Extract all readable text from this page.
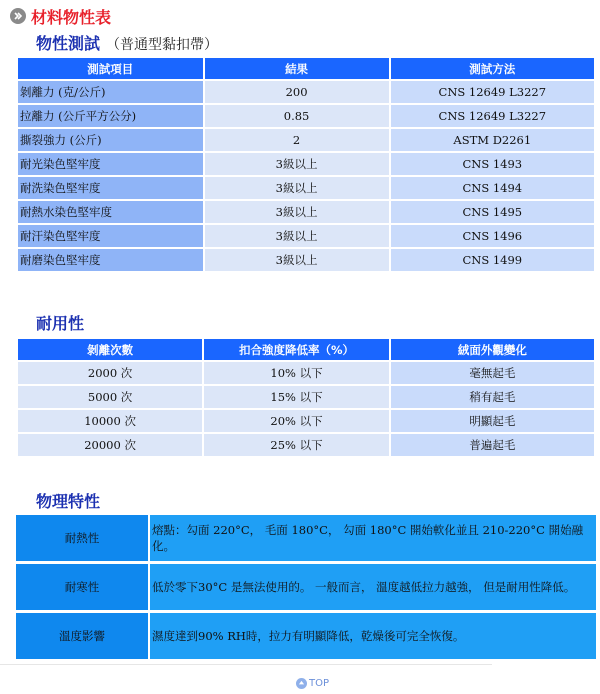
材料物性表
物性測試 （普通型黏扣帶）
測試項目	結果	測試方法
剝離力 (克/公斤)	200	CNS 12649 L3227
拉離力 (公斤平方公分)	0.85	CNS 12649 L3227
撕裂強力 (公斤)	2	ASTM D2261
耐光染色堅牢度	3級以上	CNS 1493
耐洗染色堅牢度	3級以上	CNS 1494
耐熱水染色堅牢度	3級以上	CNS 1495
耐汗染色堅牢度	3級以上	CNS 1496
耐磨染色堅牢度	3級以上	CNS 1499
耐用性
剝離次數	扣合強度降低率（%）	絨面外觀變化
2000 次	10% 以下	毫無起毛
5000 次	15% 以下	稍有起毛
10000 次	20% 以下	明顯起毛
20000 次	25% 以下	普遍起毛
物理特性
耐熱性	熔點：勾面 220°C， 毛面 180°C， 勾面 180°C 開始軟化並且 210-220°C 開始融化。
耐寒性	低於零下30°C 是無法使用的。 一般而言， 溫度越低拉力越強， 但是耐用性降低。
溫度影響	濕度達到90% RH時，拉力有明顯降低，乾燥後可完全恢復。
TOP
